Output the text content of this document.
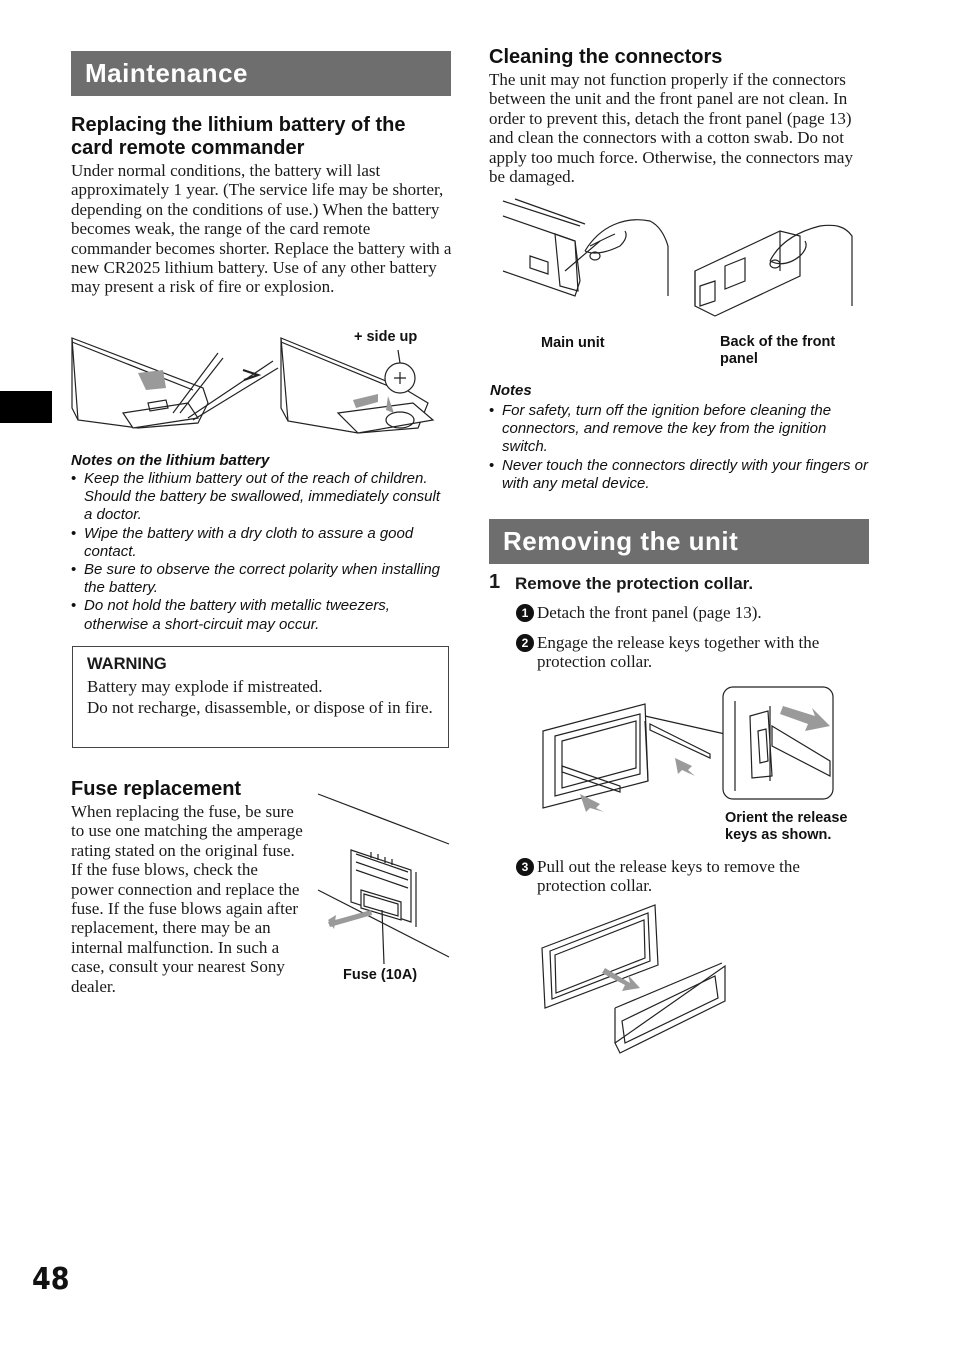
Maintenance
Replacing the lithium battery of the card remote commander
Under normal conditions, the battery will last approximately 1 year. (The service life may be shorter, depending on the conditions of use.) When the battery becomes weak, the range of the card remote commander becomes shorter. Replace the battery with a new CR2025 lithium battery. Use of any other battery may present a risk of fire or explosion.
+ side up
Notes on the lithium battery
• Keep the lithium battery out of the reach of children. Should the battery be swallowed, immediately consult a doctor.
• Wipe the battery with a dry cloth to assure a good contact.
• Be sure to observe the correct polarity when installing the battery.
• Do not hold the battery with metallic tweezers, otherwise a short-circuit may occur.
WARNING
Battery may explode if mistreated.
Do not recharge, disassemble, or dispose of in fire.
Fuse replacement
When replacing the fuse, be sure to use one matching the amperage rating stated on the original fuse. If the fuse blows, check the power connection and replace the fuse. If the fuse blows again after replacement, there may be an internal malfunction. In such a case, consult your nearest Sony dealer.
Fuse (10A)
Cleaning the connectors
The unit may not function properly if the connectors between the unit and the front panel are not clean. In order to prevent this, detach the front panel (page 13) and clean the connectors with a cotton swab. Do not apply too much force. Otherwise, the connectors may be damaged.
Main unit	Back of the front panel
Notes
• For safety, turn off the ignition before cleaning the connectors, and remove the key from the ignition switch.
• Never touch the connectors directly with your fingers or with any metal device.
Removing the unit
1 Remove the protection collar.
1 Detach the front panel (page 13).
2 Engage the release keys together with the protection collar.
Orient the release keys as shown.
3 Pull out the release keys to remove the protection collar.
48
